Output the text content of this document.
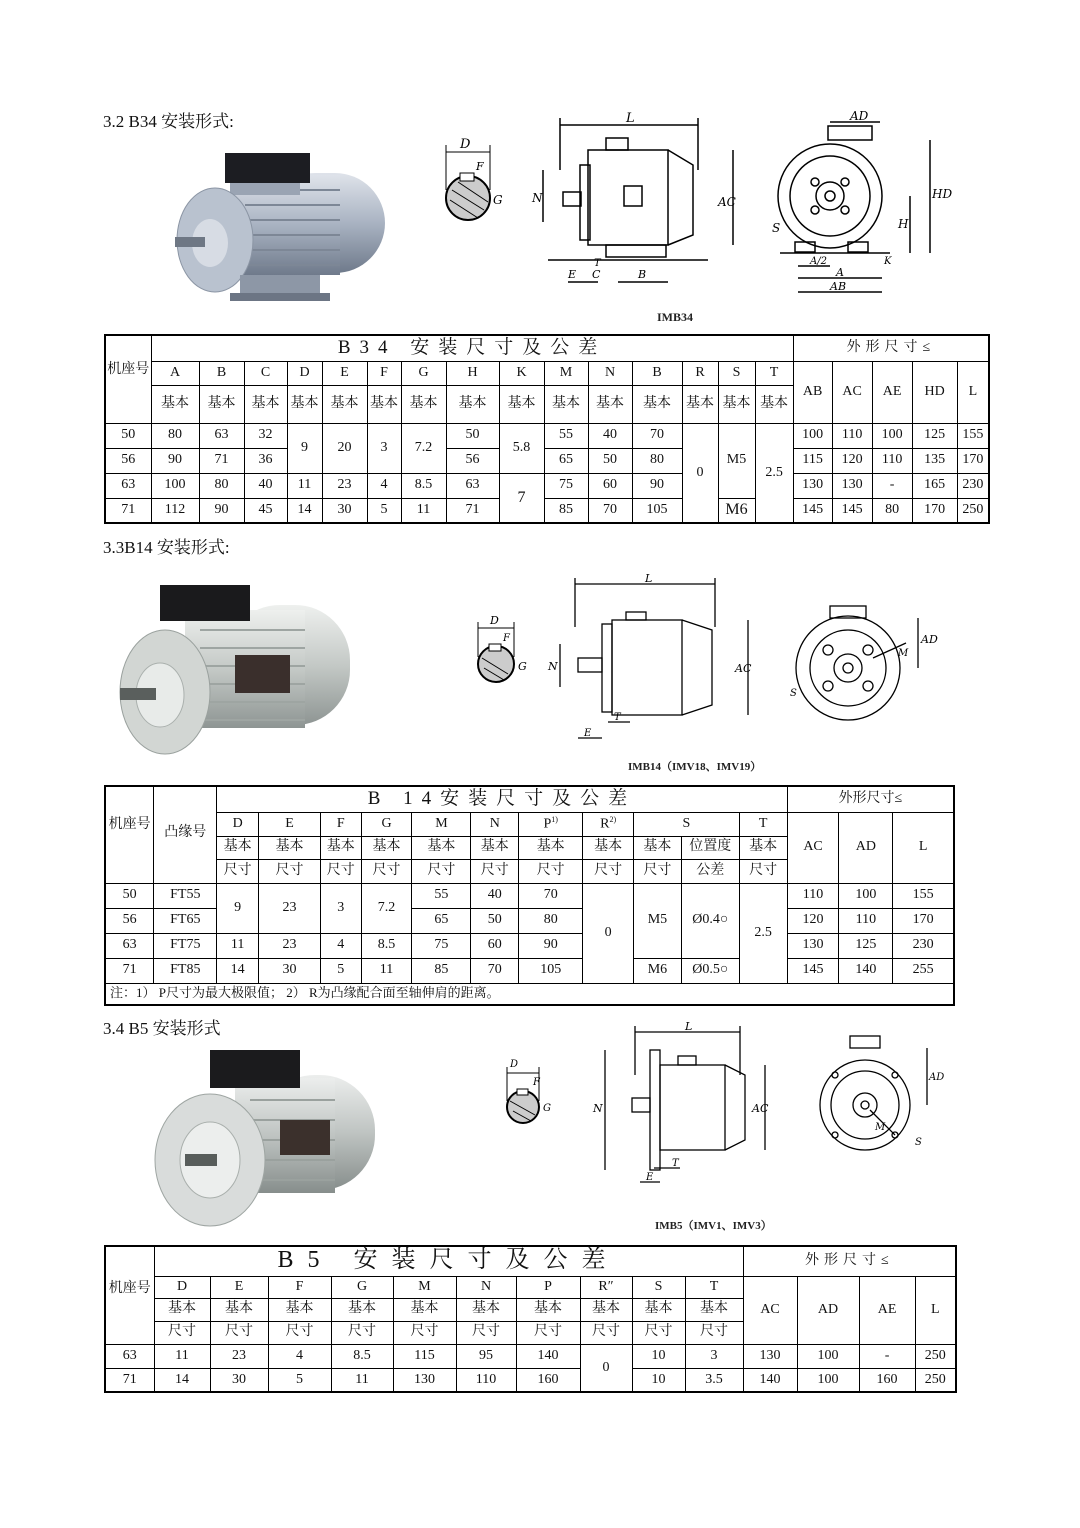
3.2 B34 安装形式:
D
F
G
L
N	AC
E C
T
B
AD
HD
H
S
A/2	K
A
AB
IMB34
机座号	B34 安装尺寸及公差															外形尺寸≤				
	A	B	C	D	E	F	G	H	K	M	N	B	R	S	T	AB	AC	AE	HD	L
	基本	基本	基本	基本	基本	基本	基本	基本	基本	基本	基本	基本	基本	基本	基本					
50	80	63	32	9	20	3	7.2	50	5.8	55	40	70	0	M5	2.5	100	110	100	125	155
56	90	71	36					56		65	50	80				115	120	110	135	170
63	100	80	40	11	23	4	8.5	63	7	75	60	90				130	130	-	165	230
71	112	90	45	14	30	5	11	71		85	70	105		M6		145	145	80	170	250
3.3B14 安装形式:
D
F
G
L
N	AC
T
E
AD
M
S
IMB14（IMV18、IMV19）
机座号	凸缘号	B 14安装尺寸及公差											外形尺寸≤		
		D	E	F	G	M	N	$P^{1)}$	$R^{2)}$	S		T	AC	AD	L
		基本	基本	基本	基本	基本	基本	基本	基本	基本	位置度	基本			
		尺寸	尺寸	尺寸	尺寸	尺寸	尺寸	尺寸	尺寸	尺寸	公差	尺寸			
50	FT55	9	23	3	7.2	55	40	70	0	M5	Ø0.4○	2.5	110	100	155
56	FT65					65	50	80					120	110	170
63	FT75	11	23	4	8.5	75	60	90					130	125	230
71	FT85	14	30	5	11	85	70	105		M6	Ø0.5○		145	140	255
注：1） P尺寸为最大极限值； 2） R为凸缘配合面至轴伸肩的距离。															
3.4 B5 安装形式
D
F
G
L
N	AC
T
E
AD
M
S
IMB5（IMV1、IMV3）
机座号	B5 安装尺寸及公差										外形尺寸≤			
	D	E	F	G	M	N	P	R″	S	T	AC	AD	AE	L
	基本	基本	基本	基本	基本	基本	基本	基本	基本	基本				
	尺寸	尺寸	尺寸	尺寸	尺寸	尺寸	尺寸	尺寸	尺寸	尺寸				
63	11	23	4	8.5	115	95	140	0	10	3	130	100	-	250
71	14	30	5	11	130	110	160		10	3.5	140	100	160	250
